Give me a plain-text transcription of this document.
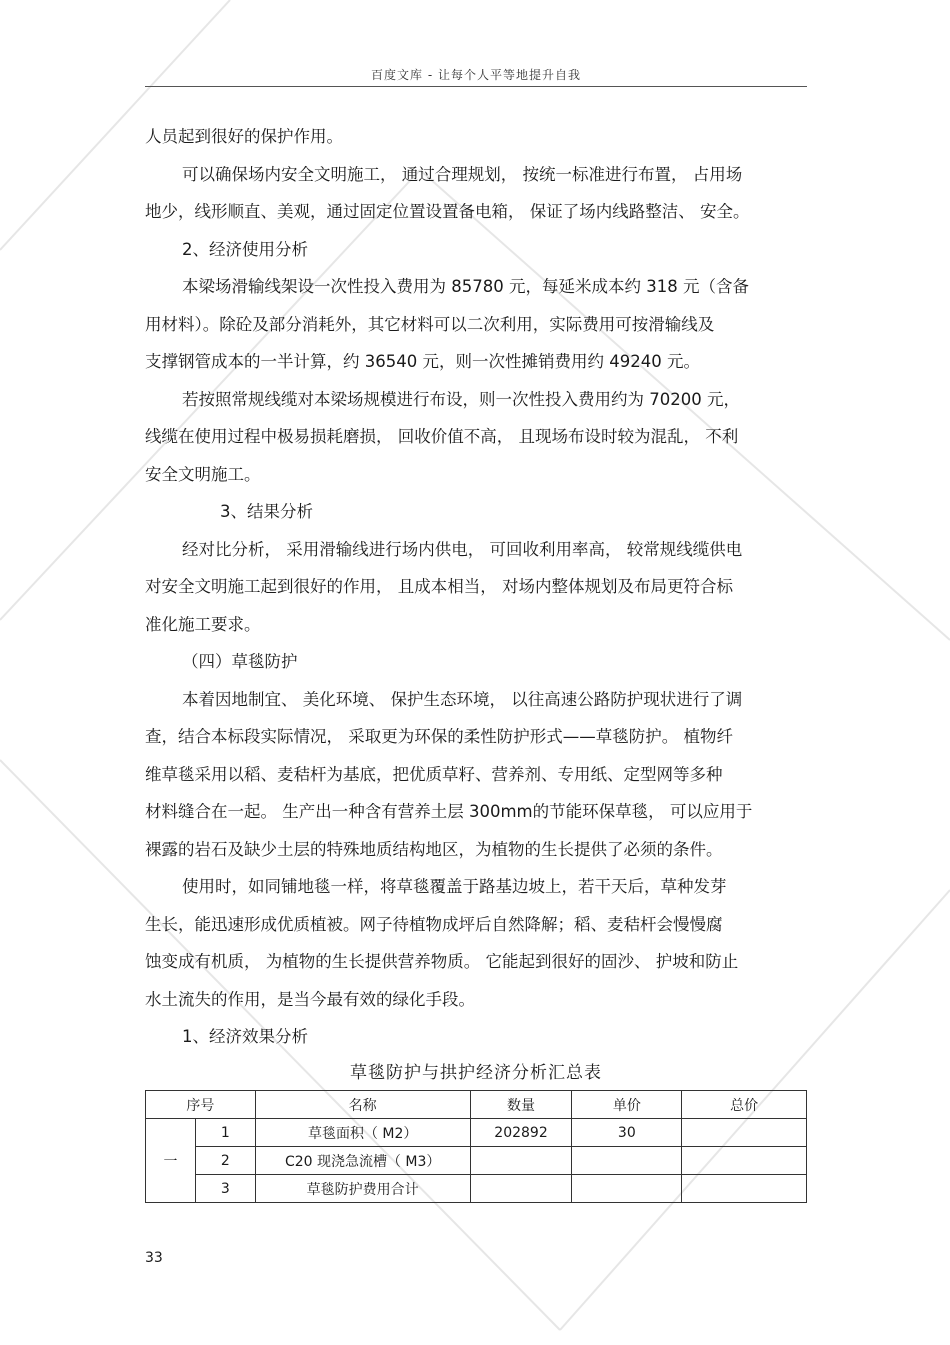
百度文库 - 让每个人平等地提升自我

人员起到很好的保护作用。

可以确保场内安全文明施工， 通过合理规划， 按统一标准进行布置， 占用场

地少，线形顺直、美观，通过固定位置设置备电箱， 保证了场内线路整洁、 安全。

2、经济使用分析

本梁场滑输线架设一次性投入费用为 85780 元，每延米成本约 318 元（含备

用材料）。除砼及部分消耗外，其它材料可以二次利用，实际费用可按滑输线及

支撑钢管成本的一半计算，约 36540 元，则一次性摊销费用约 49240 元。

若按照常规线缆对本梁场规模进行布设，则一次性投入费用约为 70200 元，

线缆在使用过程中极易损耗磨损， 回收价值不高， 且现场布设时较为混乱， 不利

安全文明施工。

3、结果分析

经对比分析， 采用滑输线进行场内供电， 可回收利用率高， 较常规线缆供电

对安全文明施工起到很好的作用， 且成本相当， 对场内整体规划及布局更符合标

准化施工要求。

（四）草毯防护

本着因地制宜、 美化环境、 保护生态环境， 以往高速公路防护现状进行了调

查，结合本标段实际情况， 采取更为环保的柔性防护形式——草毯防护。 植物纤

维草毯采用以稻、麦秸杆为基底，把优质草籽、营养剂、专用纸、定型网等多种

材料缝合在一起。 生产出一种含有营养土层 300mm的节能环保草毯， 可以应用于

裸露的岩石及缺少土层的特殊地质结构地区，为植物的生长提供了必须的条件。

使用时，如同铺地毯一样，将草毯覆盖于路基边坡上，若干天后，草种发芽

生长，能迅速形成优质植被。网子待植物成坪后自然降解；稻、麦秸杆会慢慢腐

蚀变成有机质， 为植物的生长提供营养物质。 它能起到很好的固沙、 护坡和防止

水土流失的作用，是当今最有效的绿化手段。

1、经济效果分析

草毯防护与拱护经济分析汇总表
序号		名称	数量	单价	总价
一	1	草毯面积（ M2）	202892	30	
	2	C20 现浇急流槽（ M3）			
	3	草毯防护费用合计			
33
